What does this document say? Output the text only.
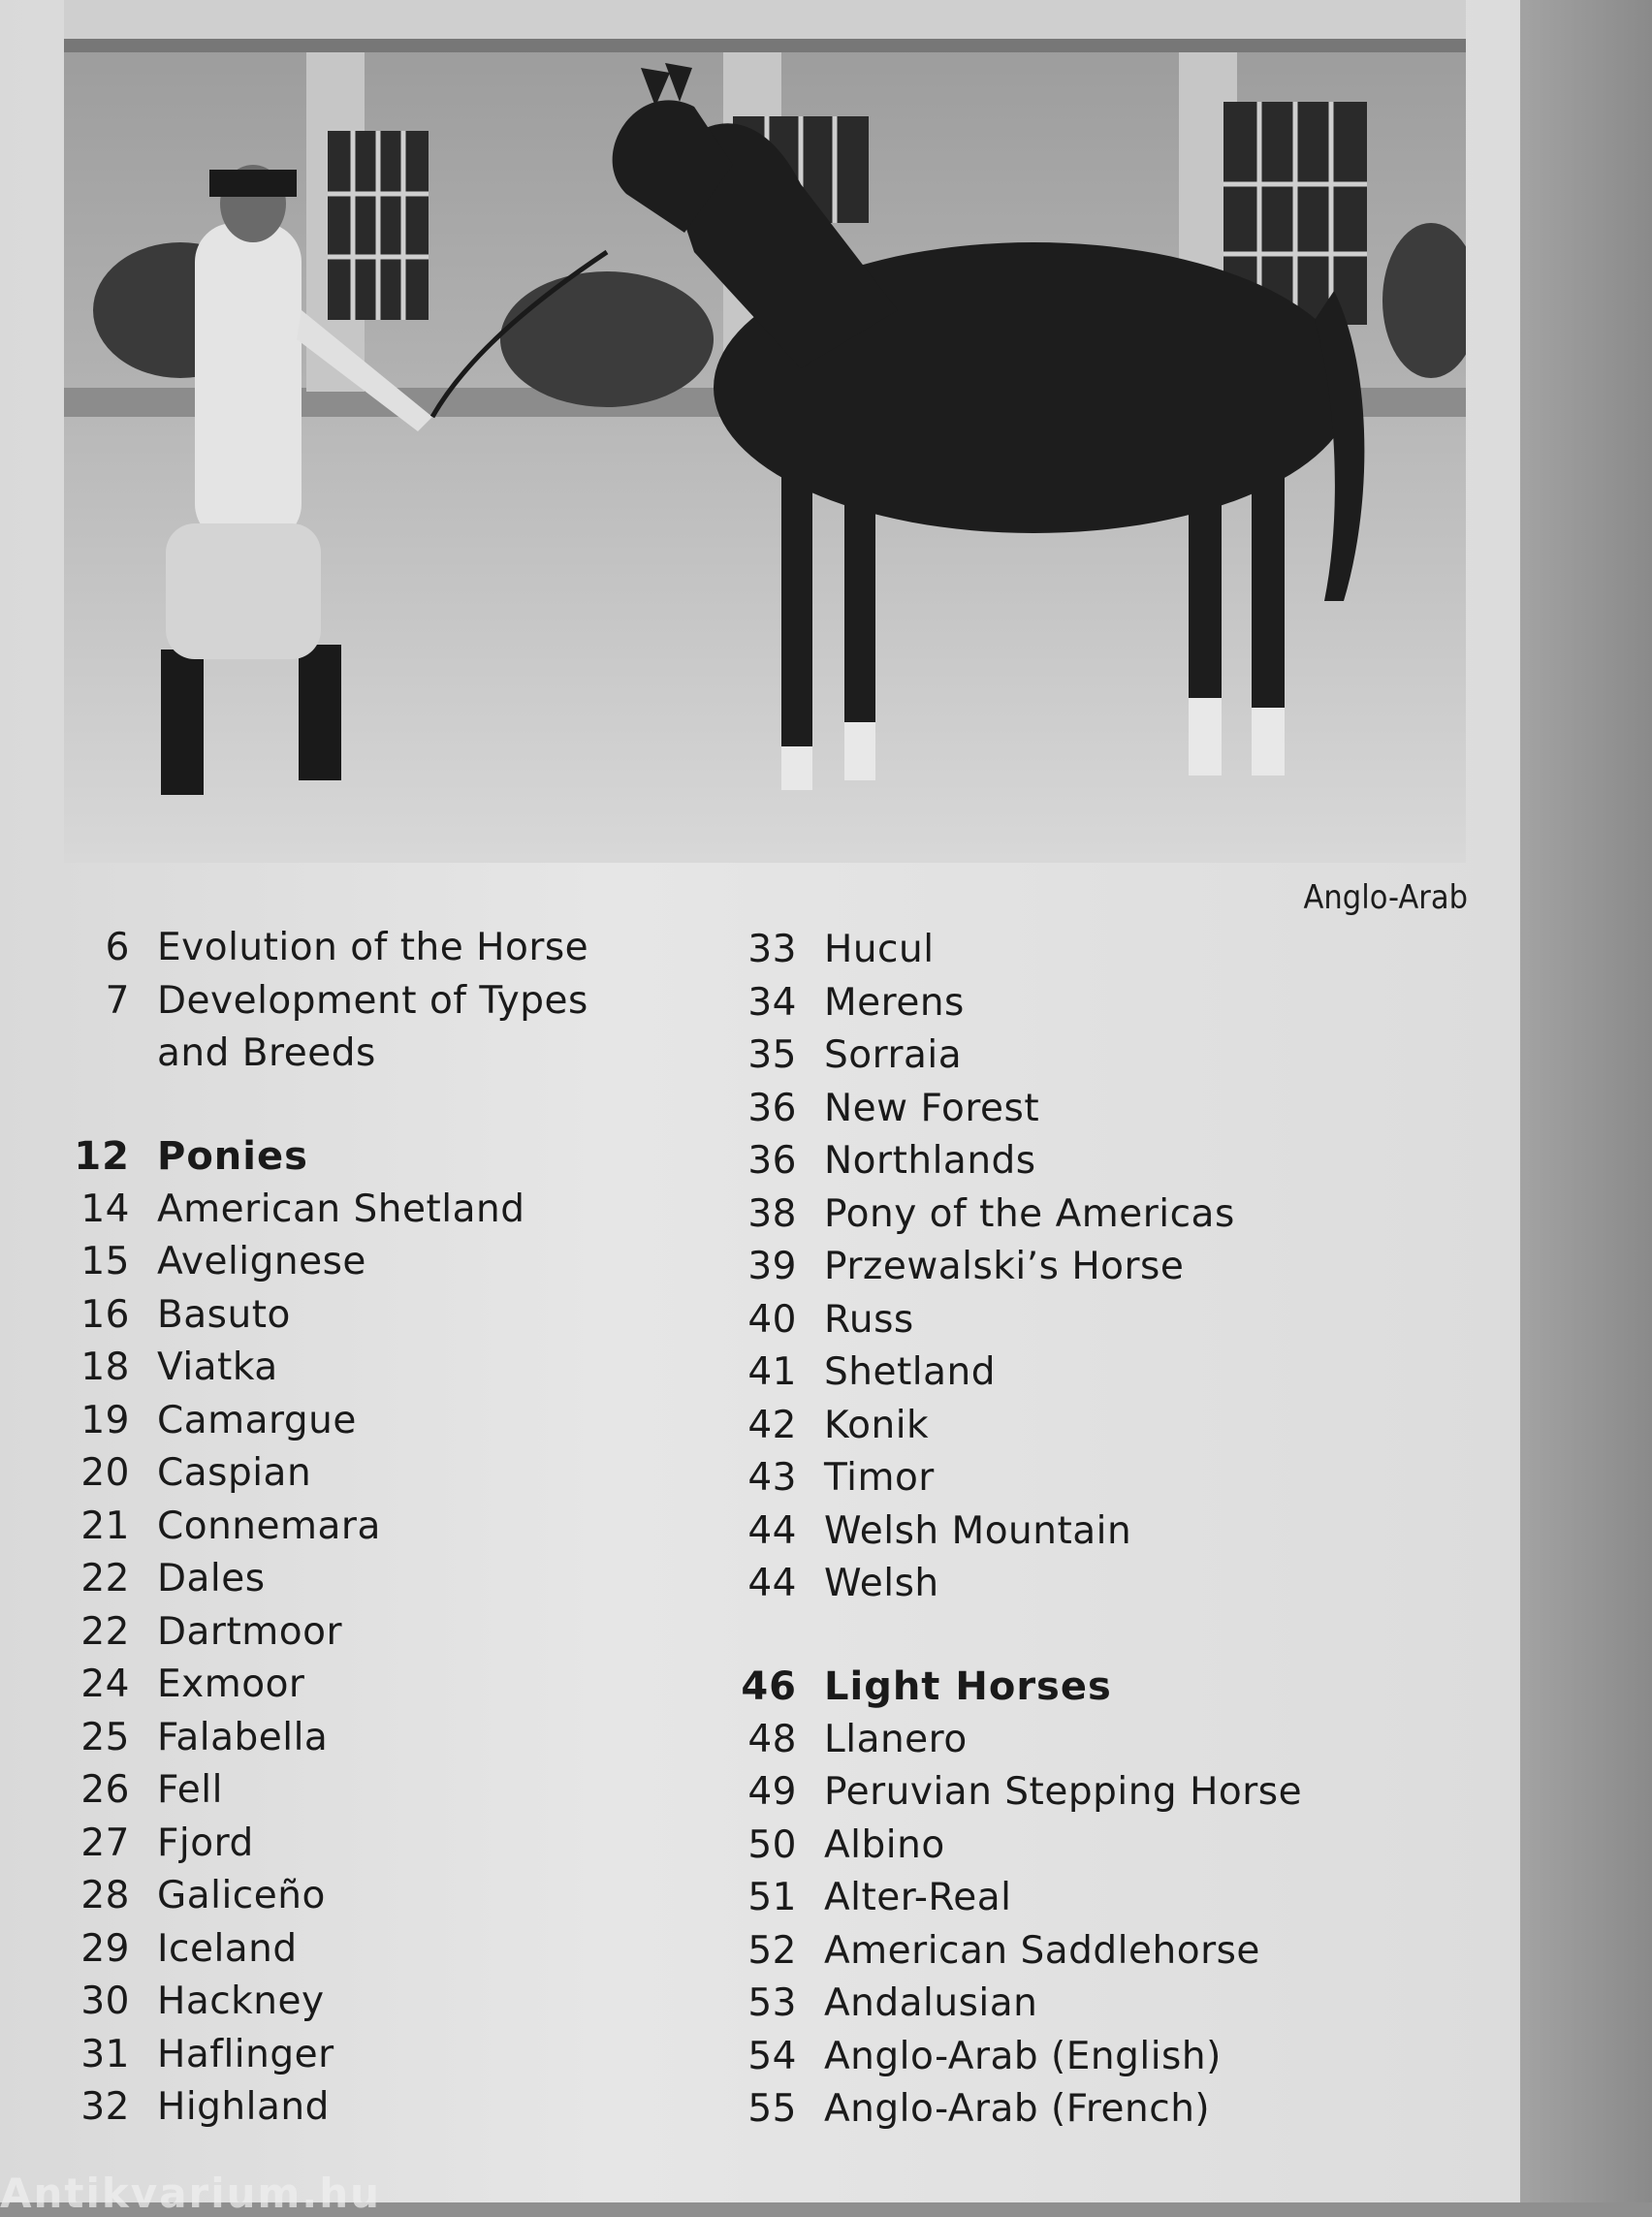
Anglo-Arab
6 Evolution of the Horse
7 Development of Types
and Breeds
12 Ponies
14 American Shetland
15 Avelignese
16 Basuto
18 Viatka
19 Camargue
20 Caspian
21 Connemara
22 Dales
22 Dartmoor
24 Exmoor
25 Falabella
26 Fell
27 Fjord
28 Galiceño
29 Iceland
30 Hackney
31 Haflinger
32 Highland
33 Hucul
34 Merens
35 Sorraia
36 New Forest
36 Northlands
38 Pony of the Americas
39 Przewalski’s Horse
40 Russ
41 Shetland
42 Konik
43 Timor
44 Welsh Mountain
44 Welsh
46 Light Horses
48 Llanero
49 Peruvian Stepping Horse
50 Albino
51 Alter-Real
52 American Saddlehorse
53 Andalusian
54 Anglo-Arab (English)
55 Anglo-Arab (French)
Antikvarium.hu
